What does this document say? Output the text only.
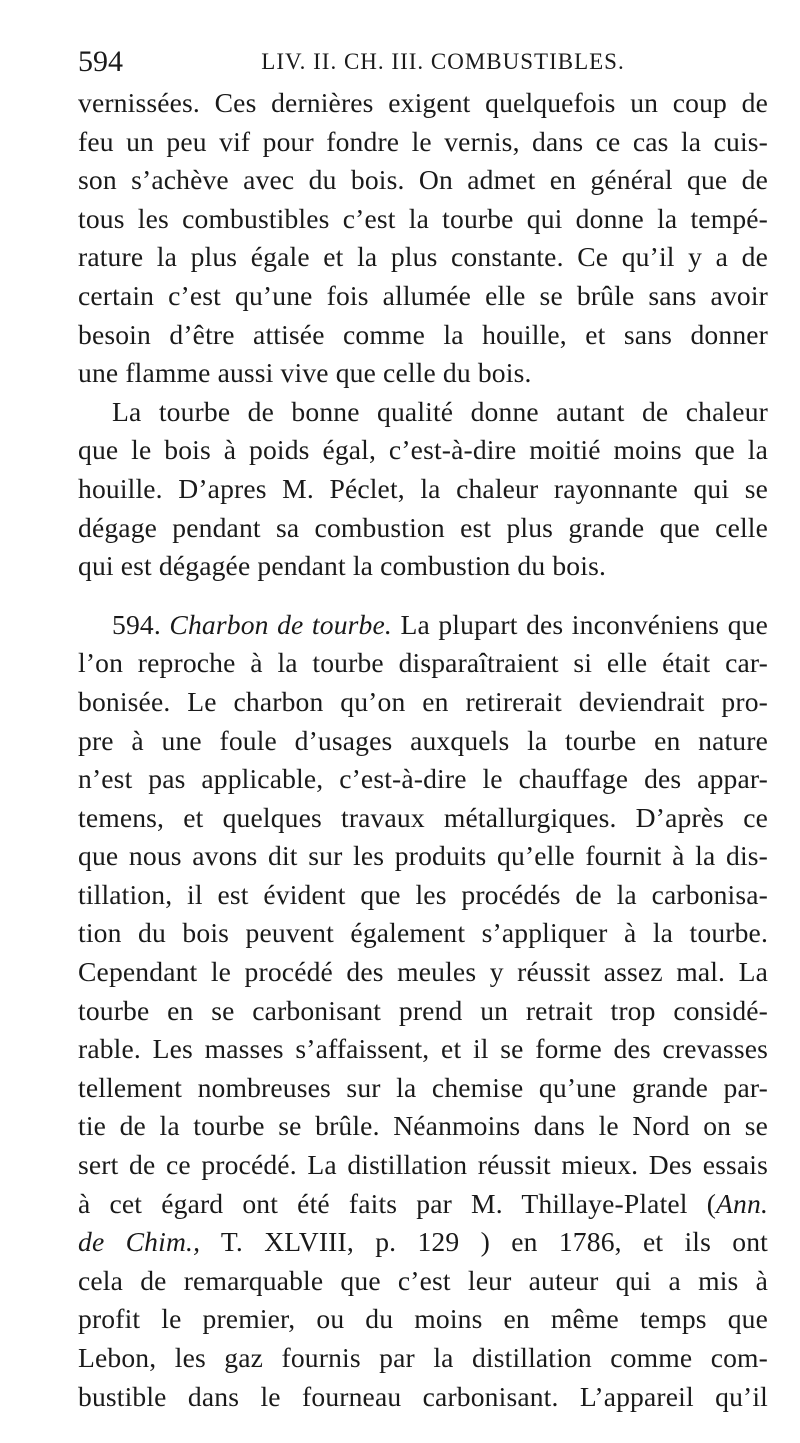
594	LIV. II. CH. III. COMBUSTIBLES.
vernissées. Ces dernières exigent quelquefois un coup de
feu un peu vif pour fondre le vernis, dans ce cas la cuis-
son s’achève avec du bois. On admet en général que de
tous les combustibles c’est la tourbe qui donne la tempé-
rature la plus égale et la plus constante. Ce qu’il y a de
certain c’est qu’une fois allumée elle se brûle sans avoir
besoin d’être attisée comme la houille, et sans donner
une flamme aussi vive que celle du bois.
La tourbe de bonne qualité donne autant de chaleur
que le bois à poids égal, c’est-à-dire moitié moins que la
houille. D’apres M. Péclet, la chaleur rayonnante qui se
dégage pendant sa combustion est plus grande que celle
qui est dégagée pendant la combustion du bois.
594. Charbon de tourbe. La plupart des inconvéniens que
l’on reproche à la tourbe disparaîtraient si elle était car-
bonisée. Le charbon qu’on en retirerait deviendrait pro-
pre à une foule d’usages auxquels la tourbe en nature
n’est pas applicable, c’est-à-dire le chauffage des appar-
temens, et quelques travaux métallurgiques. D’après ce
que nous avons dit sur les produits qu’elle fournit à la dis-
tillation, il est évident que les procédés de la carbonisa-
tion du bois peuvent également s’appliquer à la tourbe.
Cependant le procédé des meules y réussit assez mal. La
tourbe en se carbonisant prend un retrait trop considé-
rable. Les masses s’affaissent, et il se forme des crevasses
tellement nombreuses sur la chemise qu’une grande par-
tie de la tourbe se brûle. Néanmoins dans le Nord on se
sert de ce procédé. La distillation réussit mieux. Des essais
à cet égard ont été faits par M. Thillaye-Platel (Ann.
de Chim., T. XLVIII, p. 129 ) en 1786, et ils ont
cela de remarquable que c’est leur auteur qui a mis à
profit le premier, ou du moins en même temps que
Lebon, les gaz fournis par la distillation comme com-
bustible dans le fourneau carbonisant. L’appareil qu’il
